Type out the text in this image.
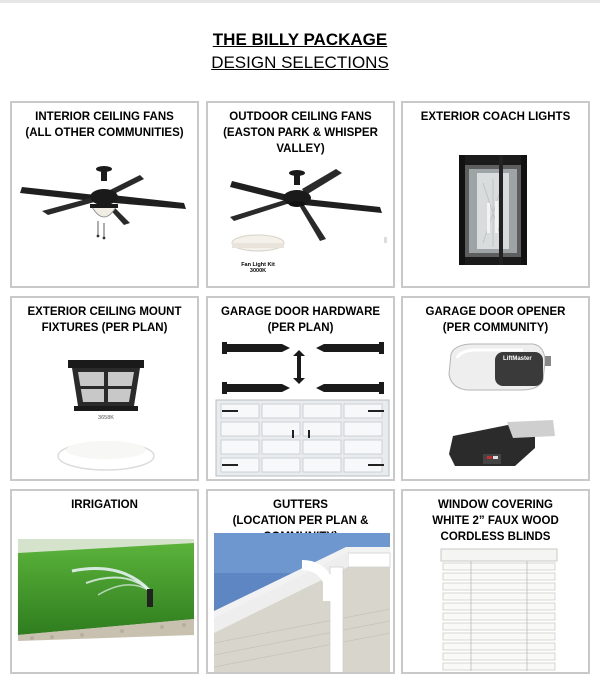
THE BILLY PACKAGE
DESIGN SELECTIONS
INTERIOR CEILING FANS
(ALL OTHER COMMUNITIES)
OUTDOOR CEILING FANS
(EASTON PARK & WHISPER
VALLEY)
Fan Light Kit
3000K
EXTERIOR COACH LIGHTS
EXTERIOR CEILING MOUNT
FIXTURES (PER PLAN)
3658K
GARAGE DOOR HARDWARE
(PER PLAN)
GARAGE DOOR OPENER
(PER COMMUNITY)
LiftMaster
IRRIGATION	GUTTERS
(LOCATION PER PLAN &

WINDOW COVERING
WHITE 2” FAUX WOOD
CORDLESS BLINDS
